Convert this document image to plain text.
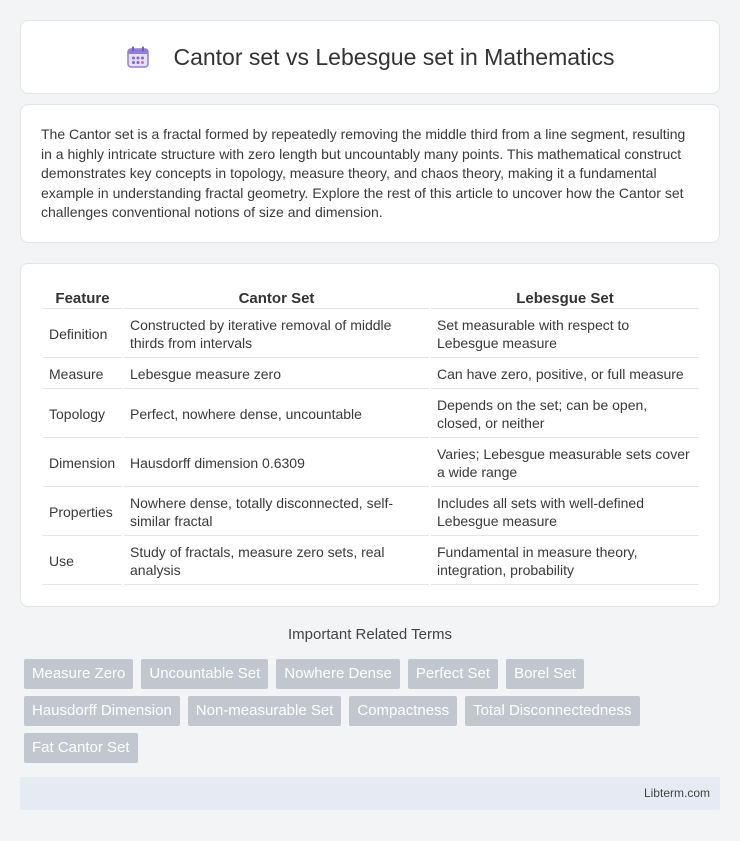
Cantor set vs Lebesgue set in Mathematics

The Cantor set is a fractal formed by repeatedly removing the middle third from a line segment, resulting in a highly intricate structure with zero length but uncountably many points. This mathematical construct demonstrates key concepts in topology, measure theory, and chaos theory, making it a fundamental example in understanding fractal geometry. Explore the rest of this article to uncover how the Cantor set challenges conventional notions of size and dimension.

Feature	Cantor Set	Lebesgue Set
Definition	Constructed by iterative removal of middle thirds from intervals	Set measurable with respect to Lebesgue measure
Measure	Lebesgue measure zero	Can have zero, positive, or full measure
Topology	Perfect, nowhere dense, uncountable	Depends on the set; can be open, closed, or neither
Dimension	Hausdorff dimension 0.6309	Varies; Lebesgue measurable sets cover a wide range
Properties	Nowhere dense, totally disconnected, self-similar fractal	Includes all sets with well-defined Lebesgue measure
Use	Study of fractals, measure zero sets, real analysis	Fundamental in measure theory, integration, probability
Important Related Terms
Measure Zero	Uncountable Set	Nowhere Dense	Perfect Set	Borel Set
Hausdorff Dimension	Non-measurable Set	Compactness	Total Disconnectedness
Fat Cantor Set
Libterm.com
